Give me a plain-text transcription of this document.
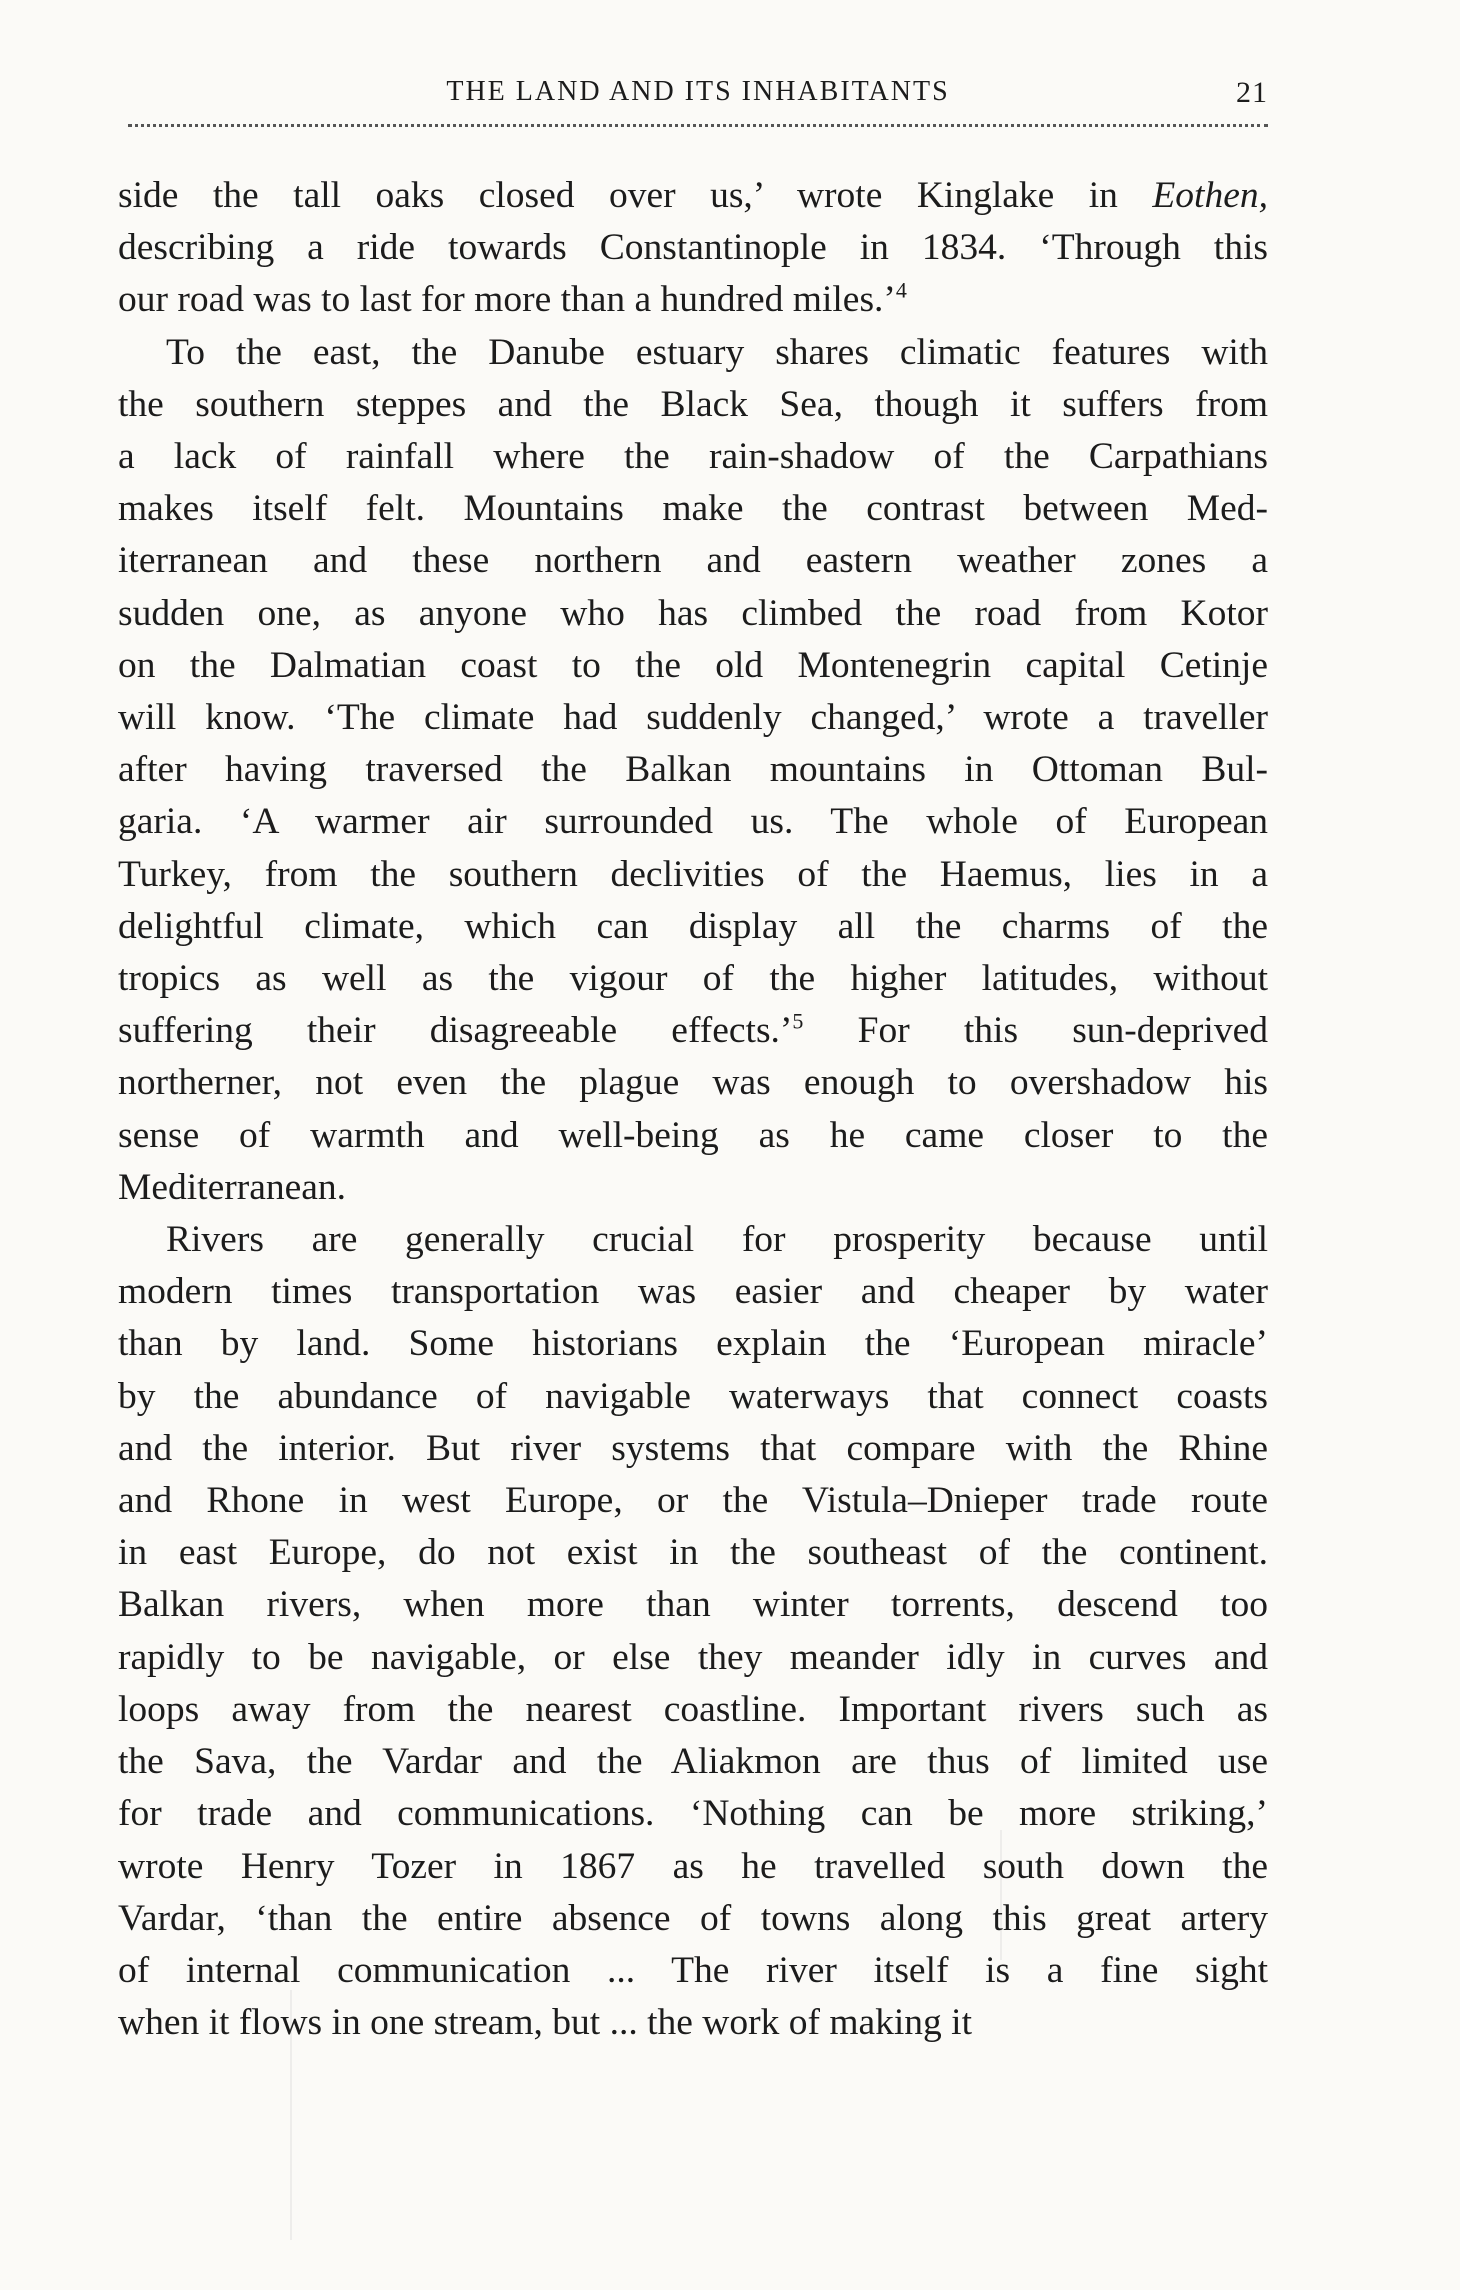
THE LAND AND ITS INHABITANTS	21
side the tall oaks closed over us,’ wrote Kinglake in Eothen,
describing a ride towards Constantinople in 1834. ‘Through this
our road was to last for more than a hundred miles.’$^4$
To the east, the Danube estuary shares climatic features with
the southern steppes and the Black Sea, though it suffers from
a lack of rainfall where the rain-shadow of the Carpathians
makes itself felt. Mountains make the contrast between Med-
iterranean and these northern and eastern weather zones a
sudden one, as anyone who has climbed the road from Kotor
on the Dalmatian coast to the old Montenegrin capital Cetinje
will know. ‘The climate had suddenly changed,’ wrote a traveller
after having traversed the Balkan mountains in Ottoman Bul-
garia. ‘A warmer air surrounded us. The whole of European
Turkey, from the southern declivities of the Haemus, lies in a
delightful climate, which can display all the charms of the
tropics as well as the vigour of the higher latitudes, without
suffering their disagreeable effects.’$^5$ For this sun-deprived
northerner, not even the plague was enough to overshadow his
sense of warmth and well-being as he came closer to the
Mediterranean.
Rivers are generally crucial for prosperity because until
modern times transportation was easier and cheaper by water
than by land. Some historians explain the ‘European miracle’
by the abundance of navigable waterways that connect coasts
and the interior. But river systems that compare with the Rhine
and Rhone in west Europe, or the Vistula–Dnieper trade route
in east Europe, do not exist in the southeast of the continent.
Balkan rivers, when more than winter torrents, descend too
rapidly to be navigable, or else they meander idly in curves and
loops away from the nearest coastline. Important rivers such as
the Sava, the Vardar and the Aliakmon are thus of limited use
for trade and communications. ‘Nothing can be more striking,’
wrote Henry Tozer in 1867 as he travelled south down the
Vardar, ‘than the entire absence of towns along this great artery
of internal communication ... The river itself is a fine sight
when it flows in one stream, but ... the work of making it
